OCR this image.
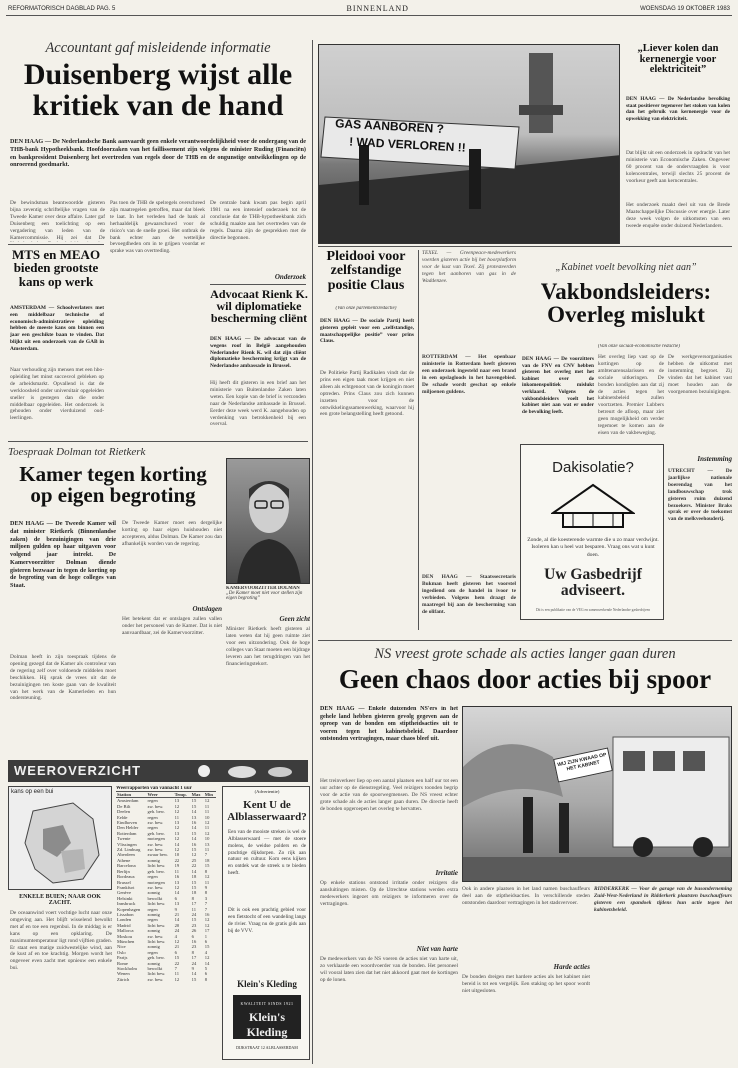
REFORMATORISCH DAGBLAD PAG. 5	BINNENLAND	WOENSDAG 19 OKTOBER 1983
Accountant gaf misleidende informatie
Duisenberg wijst alle kritiek van de hand
DEN HAAG — De Nederlandsche Bank aanvaardt geen enkele verantwoordelijkheid voor de ondergang van de THB-bank Hypotheekbank. Hoofdoorzaken van het faillissement zijn volgens de minister Ruding (Financiën) en bankpresident Duisenberg het overtreden van regels door de THB en de ongunstige ontwikkelingen op de onroerend goedmarkt.
De bewindsman beantwoordde gisteren bijna zeventig schriftelijke vragen van de Tweede Kamer over deze affaire. Later gaf Duisenberg een toelichting op een vergadering van leden van de Kamercommissie. Hij zei dat De
Pas toen de THB de spelregels overschreed zijn maatregelen getroffen, maar dat bleek te laat. In het verleden had de bank al herhaaldelijk gewaarschuwd voor de risico's van de snelle groei. Het ontbrak de bank echter aan de wettelijke bevoegdheden om in te grijpen voordat er sprake was van overtreding.
De centrale bank kwam pas begin april 1981 na een intensief onderzoek tot de conclusie dat de THB-hypotheekbank zich schuldig maakte aan het overtreden van de regels. Daarna zijn de gesprekken met de directie begonnen.
Onderzoek
MTS en MEAO bieden grootste kans op werk
AMSTERDAM — Schoolverlaters met een middelbaar technische of economisch-administratieve opleiding hebben de meeste kans om binnen een jaar een geschikte baan te vinden. Dat blijkt uit een onderzoek van de GAB in Amsterdam.
Naar verhouding zijn mensen met een hbo-opleiding het minst succesvol gebleken op de arbeidsmarkt. Opvallend is dat de werkloosheid onder universitair opgeleiden sneller is gestegen dan die onder middelbaar opgeleiden. Het onderzoek is gehouden onder vierduizend oud-leerlingen.
Advocaat Rienk K. wil diplomatieke bescherming cliënt
DEN HAAG — De advocaat van de wegens roof in België aangehouden Nederlander Rienk K. wil dat zijn cliënt diplomatieke bescherming krijgt van de Nederlandse ambassade in Brussel.
Hij heeft dit gisteren in een brief aan het ministerie van Buitenlandse Zaken laten weten. Een kopie van de brief is verzonden naar de Nederlandse ambassade in Brussel. Eerder deze week werd K. aangehouden op verdenking van betrokkenheid bij een overval.
Toespraak Dolman tot Rietkerk
Kamer tegen korting op eigen begroting
DEN HAAG — De Tweede Kamer wil dat minister Rietkerk (Binnenlandse zaken) de bezuinigingen van drie miljoen gulden op haar uitgaven voor volgend jaar intrekt. De Kamervoorzitter Dolman diende gisteren bezwaar in tegen de korting op de begroting van de hoge colleges van Staat.
Dolman heeft in zijn toespraak tijdens de opening gezegd dat de Kamer als controleur van de regering zelf over voldoende middelen moet beschikken. Hij sprak de vrees uit dat de bezuinigingen ten koste gaan van de kwaliteit van het werk van de Kamerleden en hun ondersteuning.
De Tweede Kamer moet een dergelijke korting op haar eigen huishouden niet accepteren, aldus Dolman. De Kamer zou dan afhankelijk worden van de regering.
Ontslagen
Het betekent dat er ontslagen zullen vallen onder het personeel van de Kamer. Dat is niet aanvaardbaar, zei de Kamervoorzitter.
KAMERVOORZITTER DOLMAN
„De Kamer moet niet voor stellen zijn eigen begroting”
Geen zicht
Minister Rietkerk heeft gisteren al laten weten dat hij geen ruimte ziet voor een uitzondering. Ook de hoge colleges van Staat moeten een bijdrage leveren aan het terugdringen van het financieringstekort.
GAS AANBOREN ?
! WAD VERLOREN !!
„Liever kolen dan kernenergie voor elektriciteit”
DEN HAAG — De Nederlandse bevolking staat positiever tegenover het stoken van kolen dan het gebruik van kernenergie voor de opwekking van elektriciteit.
Dat blijkt uit een onderzoek in opdracht van het ministerie van Economische Zaken. Ongeveer 60 procent van de ondervraagden is voor kolencentrales, terwijl slechts 25 procent de voorkeur geeft aan kerncentrales.
Het onderzoek maakt deel uit van de Brede Maatschappelijke Discussie over energie. Later deze week volgen de uitkomsten van een tweede enquête onder duizend Nederlanders.
Pleidooi voor zelfstandige positie Claus
(Van onze parlementsredactie)
DEN HAAG — De sociale Partij heeft gisteren gepleit voor een „zelfstandige, maatschappelijke positie” voor prins Claus.
De Politieke Partij Radikalen vindt dat de prins een eigen taak moet krijgen en niet alleen als echtgenoot van de koningin moet optreden. Prins Claus zou zich kunnen inzetten voor de ontwikkelingssamenwerking, waarvoor hij een grote belangstelling heeft getoond.
TEXEL — Greenpeace-medewerkers voerden gisteren actie bij het boorplatform voor de kust van Texel. Zij protesteerden tegen het aanboren van gas in de Waddenzee.
ROTTERDAM — Het openbaar ministerie in Rotterdam heeft gisteren een onderzoek ingesteld naar een brand in een opslagloods in het havengebied. De schade wordt geschat op enkele miljoenen guldens.
DEN HAAG — Staatssecretaris Bukman heeft gisteren het voorstel ingediend om de handel in ivoor te verbieden. Volgens hem draagt de maatregel bij aan de bescherming van de olifant.
„Kabinet voelt bevolking niet aan”
Vakbondsleiders: Overleg mislukt
(Van onze sociaal-economische redactie)
DEN HAAG — De voorzitters van de FNV en CNV hebben gisteren het overleg met het kabinet over de inkomenspolitiek mislukt verklaard. Volgens de vakbondsleiders voelt het kabinet niet aan wat er onder de bevolking leeft.
Het overleg liep vast op de kortingen op de ambtenarensalarissen en de sociale uitkeringen. De bonden kondigden aan dat zij de acties tegen het kabinetsbeleid zullen voortzetten. Premier Lubbers betreurt de afloop, maar ziet geen mogelijkheid om verder tegemoet te komen aan de eisen van de vakbeweging.
Instemming
De werkgeversorganisaties hebben de uitkomst met instemming begroet. Zij vinden dat het kabinet vast moet houden aan de voorgenomen bezuinigingen.
UTRECHT — De jaarlijkse nationale boerendag van het landbouwschap trok gisteren ruim duizend bezoekers. Minister Braks sprak er over de toekomst van de melkveehouderij.
Dakisolatie?
Zonde, al die koesterende warmte die u zo maar verdwijnt. Isoleren kan u heel wat besparen. Vraag ons wat u kunt doen.
Uw Gasbedrijf adviseert.
Dit is een publikatie van de VEG en samenwerkende Nederlandse gasbedrijven
NS vreest grote schade als acties langer gaan duren
Geen chaos door acties bij spoor
DEN HAAG — Enkele duizenden NS'ers in het gehele land hebben gisteren gevolg gegeven aan de oproep van de bonden om stiptheidsacties uit te voeren tegen het kabinetsbeleid. Daardoor ontstonden vertragingen, maar chaos bleef uit.
Het treinverkeer liep op een aantal plaatsen een half uur tot een uur achter op de dienstregeling. Veel reizigers toonden begrip voor de actie van de spoorwegmensen. De NS vreest echter grote schade als de acties langer gaan duren. De directie heeft de bonden opgeroepen het overleg te hervatten.
Irritatie
Op enkele stations ontstond irritatie onder reizigers die aansluitingen misten. Op de Utrechtse stations werden extra medewerkers ingezet om reizigers te informeren over de vertragingen.
Niet van harte
De medewerkers van de NS voeren de acties niet van harte uit, zo verklaarde een woordvoerder van de bonden. Het personeel wil vooral laten zien dat het niet akkoord gaat met de kortingen op de lonen.
WIJ ZIJN KWAAD OP HET KABINET
Ook in andere plaatsen in het land namen buschauffeurs deel aan de stiptheidsacties. In verschillende steden ontstonden daardoor vertragingen in het stadsvervoer.
Harde acties
De bonden dreigen met hardere acties als het kabinet niet bereid is tot een vergelijk. Een staking op het spoor wordt niet uitgesloten.
RIDDERKERK — Voor de garage van de busonderneming Zuid-West-Nederland in Ridderkerk plaatsten buschauffeurs gisteren een spandoek tijdens hun actie tegen het kabinetsbeleid.
WEEROVERZICHT
kans op een bui
Weerrapporten van vannacht 1 uur
Station	Weer	Temp.	Max	Min
Amsterdam	regen	13	15	12
De Bilt	zw. bew.	12	15	11
Deelen	geh. bew.	12	14	11
Eelde	regen	11	13	10
Eindhoven	zw. bew.	13	16	12
Den Helder	regen	12	14	11
Rotterdam	geh. bew.	13	15	12
Twente	motregen	12	14	10
Vlissingen	zw. bew.	14	16	13
Zd. Limburg	zw. bew.	12	15	11
Aberdeen	zwaar bew.	10	12	7
Athene	zonnig	22	25	18
Barcelona	licht bew.	19	22	15
Berlijn	geh. bew.	11	14	8
Bordeaux	regen	16	18	12
Brussel	motregen	13	15	11
Frankfurt	zw. bew.	12	15	9
Genève	zonnig	14	18	8
Helsinki	bewolkt	6	8	3
Innsbruck	licht bew.	13	17	7
Kopenhagen	regen	9	11	7
Lissabon	zonnig	21	24	16
Londen	regen	14	15	12
Madrid	licht bew.	20	23	12
Mallorca	zonnig	24	26	17
Moskou	zw. bew.	4	6	1
München	licht bew.	12	16	6
Nice	zonnig	21	23	15
Oslo	regen	6	8	4
Parijs	geh. bew.	15	17	12
Rome	zonnig	22	24	14
Stockholm	bewolkt	7	9	5
Wenen	licht bew.	11	14	6
Zürich	zw. bew.	12	15	8
ENKELE BUIEN; NAAR OOK ZACHT.
De oceaanwind voert vochtige lucht naar onze omgeving aan. Het blijft wisselend bewolkt met af en toe een regenbui. In de middag is er kans op een opklaring. De maximumtemperatuur ligt rond vijftien graden. Er staat een matige zuidwestelijke wind, aan de kust af en toe krachtig. Morgen wordt het ongeveer even zacht met opnieuw een enkele bui.
(Advertentie)
Kent U de Alblasserwaard?
Een van de mooiste streken is wel de Alblasserwaard — met de stoere molens, de weidse polders en de prachtige dijkdorpen. Zo rijk aan natuur en cultuur. Kom eens kijken en ontdek wat de streek u te bieden heeft.
Dit is ook een prachtig gebied voor een fietstocht of een wandeling langs de rivier. Vraag nu de gratis gids aan bij de VVV.
Klein's Kleding
KWALITEIT SINDS 1921
Klein's Kleding
DIJKSTRAAT 12 ALBLASSERDAM
